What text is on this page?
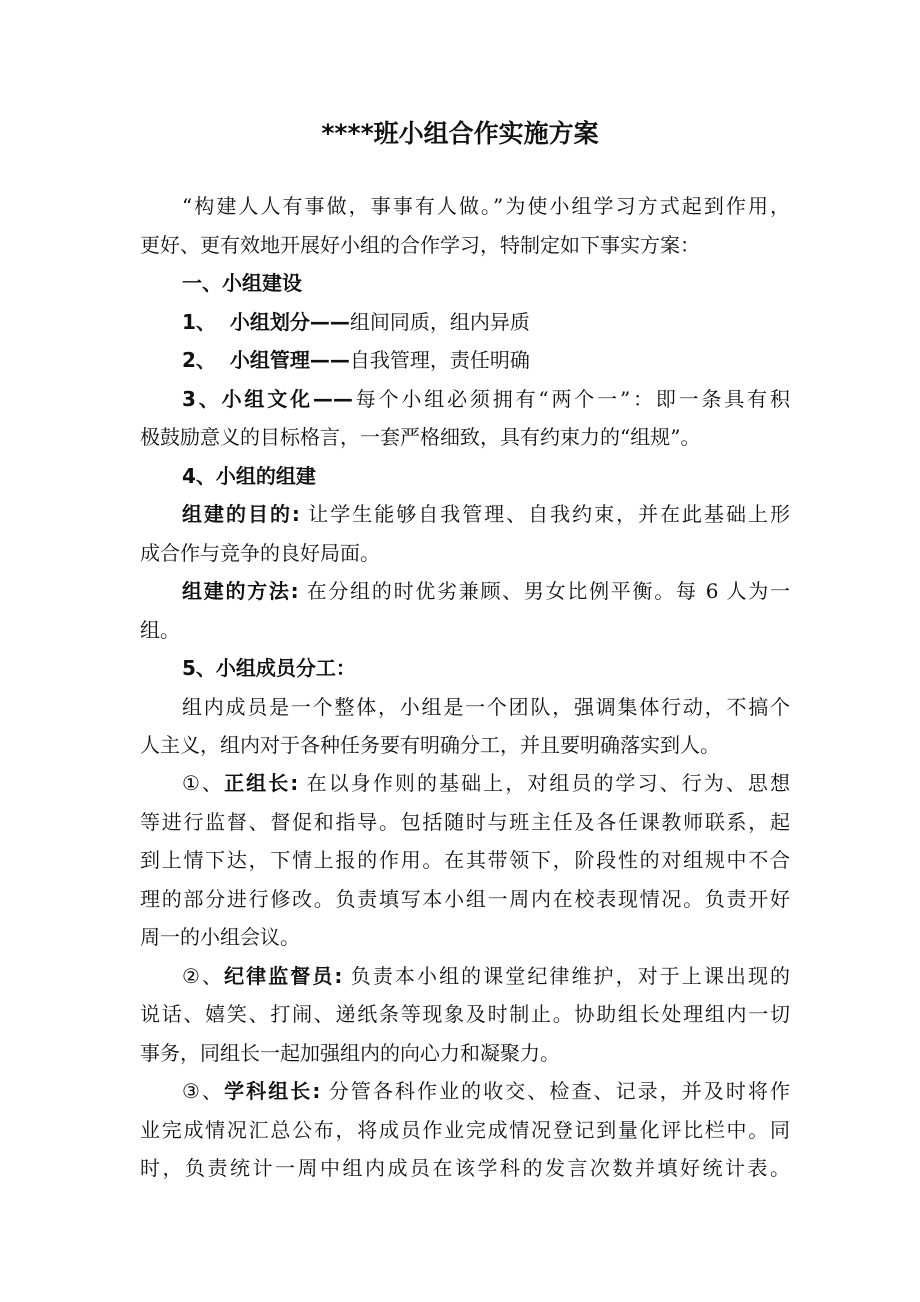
****班小组合作实施方案
“构建人人有事做，事事有人做。”为使小组学习方式起到作用，
更好、更有效地开展好小组的合作学习，特制定如下事实方案：
一、小组建设
1、  小组划分——组间同质，组内异质
2、  小组管理——自我管理，责任明确
3、小组文化——每个小组必须拥有“两个一”：即一条具有积
极鼓励意义的目标格言，一套严格细致，具有约束力的“组规”。
4、小组的组建
组建的目的: 让学生能够自我管理、自我约束，并在此基础上形
成合作与竞争的良好局面。
组建的方法: 在分组的时优劣兼顾、男女比例平衡。每 6 人为一
组。
5、小组成员分工：
组内成员是一个整体，小组是一个团队，强调集体行动，不搞个
人主义，组内对于各种任务要有明确分工，并且要明确落实到人。
①、正组长: 在以身作则的基础上，对组员的学习、行为、思想
等进行监督、督促和指导。包括随时与班主任及各任课教师联系，起
到上情下达，下情上报的作用。在其带领下，阶段性的对组规中不合
理的部分进行修改。负责填写本小组一周内在校表现情况。负责开好
周一的小组会议。
②、纪律监督员: 负责本小组的课堂纪律维护，对于上课出现的
说话、嬉笑、打闹、递纸条等现象及时制止。协助组长处理组内一切
事务，同组长一起加强组内的向心力和凝聚力。
③、学科组长: 分管各科作业的收交、检查、记录，并及时将作
业完成情况汇总公布，将成员作业完成情况登记到量化评比栏中。同
时，负责统计一周中组内成员在该学科的发言次数并填好统计表。
